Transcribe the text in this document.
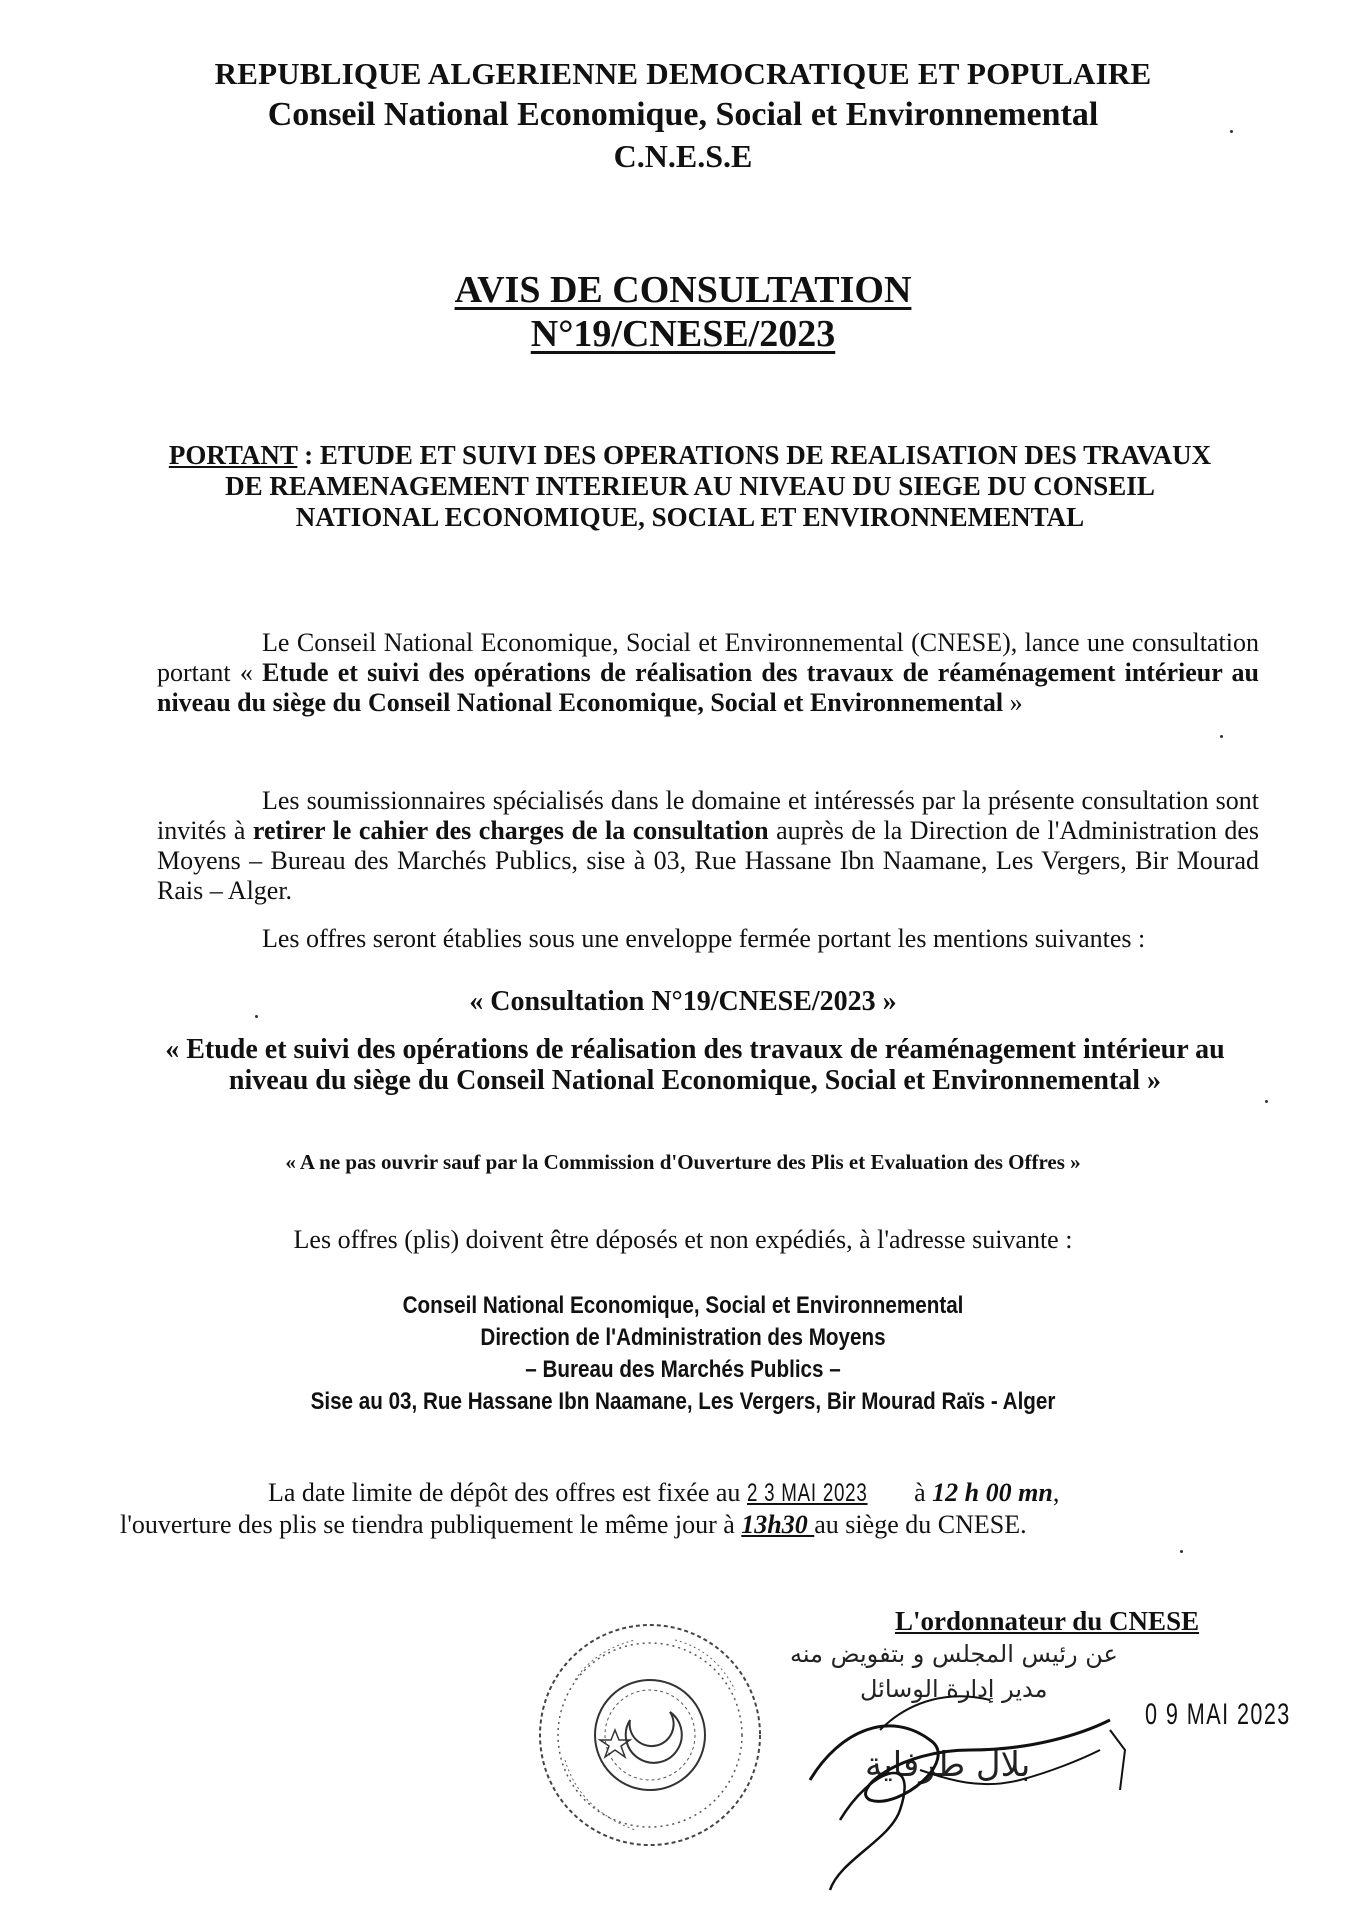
REPUBLIQUE ALGERIENNE DEMOCRATIQUE ET POPULAIRE
Conseil National Economique, Social et Environnemental
C.N.E.S.E
AVIS DE CONSULTATION
N°19/CNESE/2023
PORTANT : ETUDE ET SUIVI DES OPERATIONS DE REALISATION DES TRAVAUX DE REAMENAGEMENT INTERIEUR AU NIVEAU DU SIEGE DU CONSEIL NATIONAL ECONOMIQUE, SOCIAL ET ENVIRONNEMENTAL
Le Conseil National Economique, Social et Environnemental (CNESE), lance une consultation portant « Etude et suivi des opérations de réalisation des travaux de réaménagement intérieur au niveau du siège du Conseil National Economique, Social et Environnemental »
Les soumissionnaires spécialisés dans le domaine et intéressés par la présente consultation sont invités à retirer le cahier des charges de la consultation auprès de la Direction de l'Administration des Moyens – Bureau des Marchés Publics, sise à 03, Rue Hassane Ibn Naamane, Les Vergers, Bir Mourad Rais – Alger.
Les offres seront établies sous une enveloppe fermée portant les mentions suivantes :
« Consultation N°19/CNESE/2023 »
« Etude et suivi des opérations de réalisation des travaux de réaménagement intérieur au niveau du siège du Conseil National Economique, Social et Environnemental »
« A ne pas ouvrir sauf par la Commission d'Ouverture des Plis et Evaluation des Offres »
Les offres (plis) doivent être déposés et non expédiés, à l'adresse suivante :
Conseil National Economique, Social et Environnemental
Direction de l'Administration des Moyens
– Bureau des Marchés Publics –
Sise au 03, Rue Hassane Ibn Naamane, Les Vergers, Bir Mourad Raïs - Alger
La date limite de dépôt des offres est fixée au 2 3 MAI 2023 à 12 h 00 mn,
l'ouverture des plis se tiendra publiquement le même jour à 13h30 au siège du CNESE.
L'ordonnateur du CNESE
عن رئيس المجلس و بتفويض منه
مدير إدارة الوسائل
بلال طرفاية
0 9 MAI 2023
